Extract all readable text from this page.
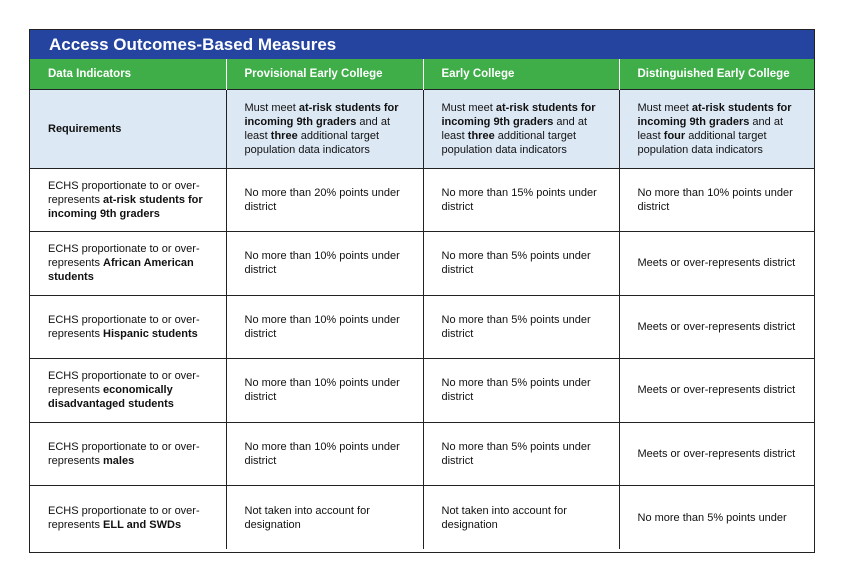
Access Outcomes-Based Measures
Data Indicators	Provisional Early College	Early College	Distinguished Early College
Requirements	Must meet at-risk students for incoming 9th graders and at least three additional target population data indicators	Must meet at-risk students for incoming 9th graders and at least three additional target population data indicators	Must meet at-risk students for incoming 9th graders and at least four additional target population data indicators
ECHS proportionate to or over-represents at-risk students for incoming 9th graders	No more than 20% points under district	No more than 15% points under district	No more than 10% points under district
ECHS proportionate to or over-represents African American students	No more than 10% points under district	No more than 5% points under district	Meets or over-represents district
ECHS proportionate to or over-represents Hispanic students	No more than 10% points under district	No more than 5% points under district	Meets or over-represents district
ECHS proportionate to or over-represents economically disadvantaged students	No more than 10% points under district	No more than 5% points under district	Meets or over-represents district
ECHS proportionate to or over-represents males	No more than 10% points under district	No more than 5% points under district	Meets or over-represents district
ECHS proportionate to or over-represents ELL and SWDs	Not taken into account for designation	Not taken into account for designation	No more than 5% points under
